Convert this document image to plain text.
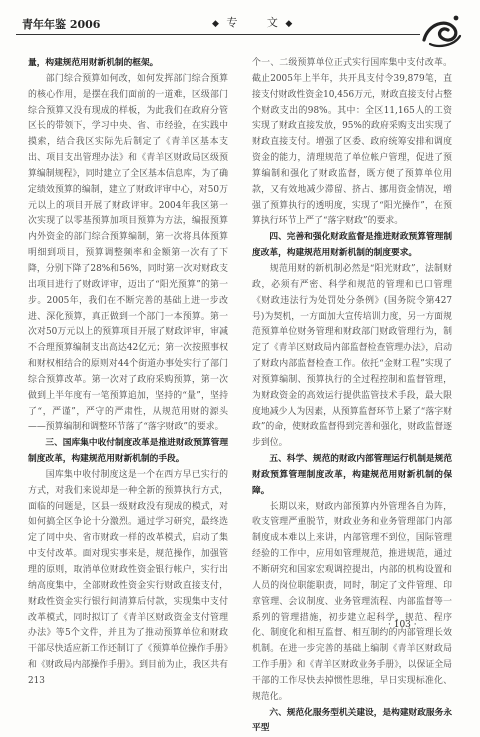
青年年鉴 2006	◆ 专 文 ◆

量，构建规范用财新机制的框架。

部门综合预算如何改，如何发挥部门综合预算的核心作用，是摆在我们面前的一道难，区级部门综合预算又没有现成的样板，为此我们在政府分管区长的带领下，学习中央、省、市经验，在实践中摸索，结合我区实际先后制定了《青羊区基本支出、项目支出管理办法》和《青羊区财政局区级预算编制规程》，同时建立了全区基本信息库，为了确定绩效预算的编制，建立了财政评审中心，对50万元以上的项目开展了财政评审。2004年我区第一次实现了以零基预算加项目预算为方法，编报预算内外资金的部门综合预算编制，第一次将具体预算明细到项目，预算调整频率和金额第一次有了下降，分别下降了28%和56%，同时第一次对财政支出项目进行了财政评审，迈出了“阳光预算”的第一步。2005年，我们在不断完善的基础上进一步改进、深化预算，真正做到一个部门一本预算。第一次对50万元以上的预算项目开展了财政评审，审减不合理预算编制支出高达42亿元；第一次按照事权和财权相结合的原则对44个街道办事处实行了部门综合预算改革。第一次对了政府采购预算，第一次做到上半年度有一笔预算追加，坚持的“量”，坚持了“，严谨”，严守的严肃性，从规范用财的源头——预算编制和调整环节落了“落字财政”的要求。

三、国库集中收付制度改革是推进财政预算管理制度改革，构建规范用财新机制的手段。

国库集中收付制度这是一个在西方早已实行的方式，对我们来说却是一种全新的预算执行方式，面临的问题是，区县一级财政没有现成的模式，对如何搞全区争论十分激烈。通过学习研究，最终选定了同中央、省市财政一样的改革模式，启动了集中支付改革。面对现实事来是，规范操作，加强管理的原则，取消单位财政性资金银行帐户，实行出纳高度集中，全部财政性资金实行财政直接支付，财政性资金实行银行间清算后付款，实现集中支付改革模式，同时拟订了《青羊区财政资金支付管理办法》等5个文件，并且为了推动预算单位和财政干部尽快适应新工作还制订了《预算单位操作手册》和《财政局内部操作手册》。到目前为止，我区共有213

个一、二级预算单位正式实行国库集中支付改革。截止2005年上半年，共开具支付令39,879笔，直接支付财政性资金10,456万元，财政直接支付占整个财政支出的98%。其中：全区11,165人的工资实现了财政直接发放，95%的政府采购支出实现了财政直接支付。增强了区委、政府统筹安排和调度资金的能力，清理规范了单位帐户管理，促进了预算编制和强化了财政监督，既方便了预算单位用款，又有效地减少滞留、挤占、挪用资金情况，增强了预算执行的透明度，实现了“阳光操作”，在预算执行环节上严了“落字财政”的要求。

四、完善和强化财政监督是推进财政预算管理制度改革，构建规范用财新机制的制度要求。

规范用财的新机制必然是“阳光财政”，法制财政，必须有严密、科学和规范的管理和已口管理《财政违法行为处罚处分条例》(国务院令第427号)为契机，一方面加大宣传培训力度，另一方面规范预算单位财务管理和财政部门财政管理行为，制定了《青羊区财政局内部监督检查管理办法》，启动了财政内部监督检查工作。依托“金财工程”实现了对预算编制、预算执行的全过程控制和监督管理，为财政资金的高效运行提供监管技术手段，最大限度地减少人为因素，从预算监督环节上紧了“落字财政”的命，使财政监督得到完善和强化，财政监督逐步到位。

五、科学、规范的财政内部管理运行机制是规范财政预算管理制度改革，构建规范用财新机制的保障。

长期以来，财政内部预算内外管理各自为阵，收支管理严重脱节，财政业务和业务管理部门内部制度成本难以上来讲，内部管理不到位，国际管理经验的工作中，应用如管理规范，推进规范，通过不断研究和国家宏观调控提出，内部的机构设置和人员的岗位职能职责，同时，制定了文件管理、印章管理、会议制度、业务管理流程、内部监督等一系列的管理措施，初步建立起科学、规范、程序化、制度化和相互监督、相互制约的内部管理长效机制。在进一步完善的基础上编制《青羊区财政局工作手册》和《青羊区财政业务手册》，以保证全局干部的工作尽快去掉惯性思维，早日实现标准化、规范化。

六、规范化服务型机关建设，是构建财政服务永平型

· 103 ·
